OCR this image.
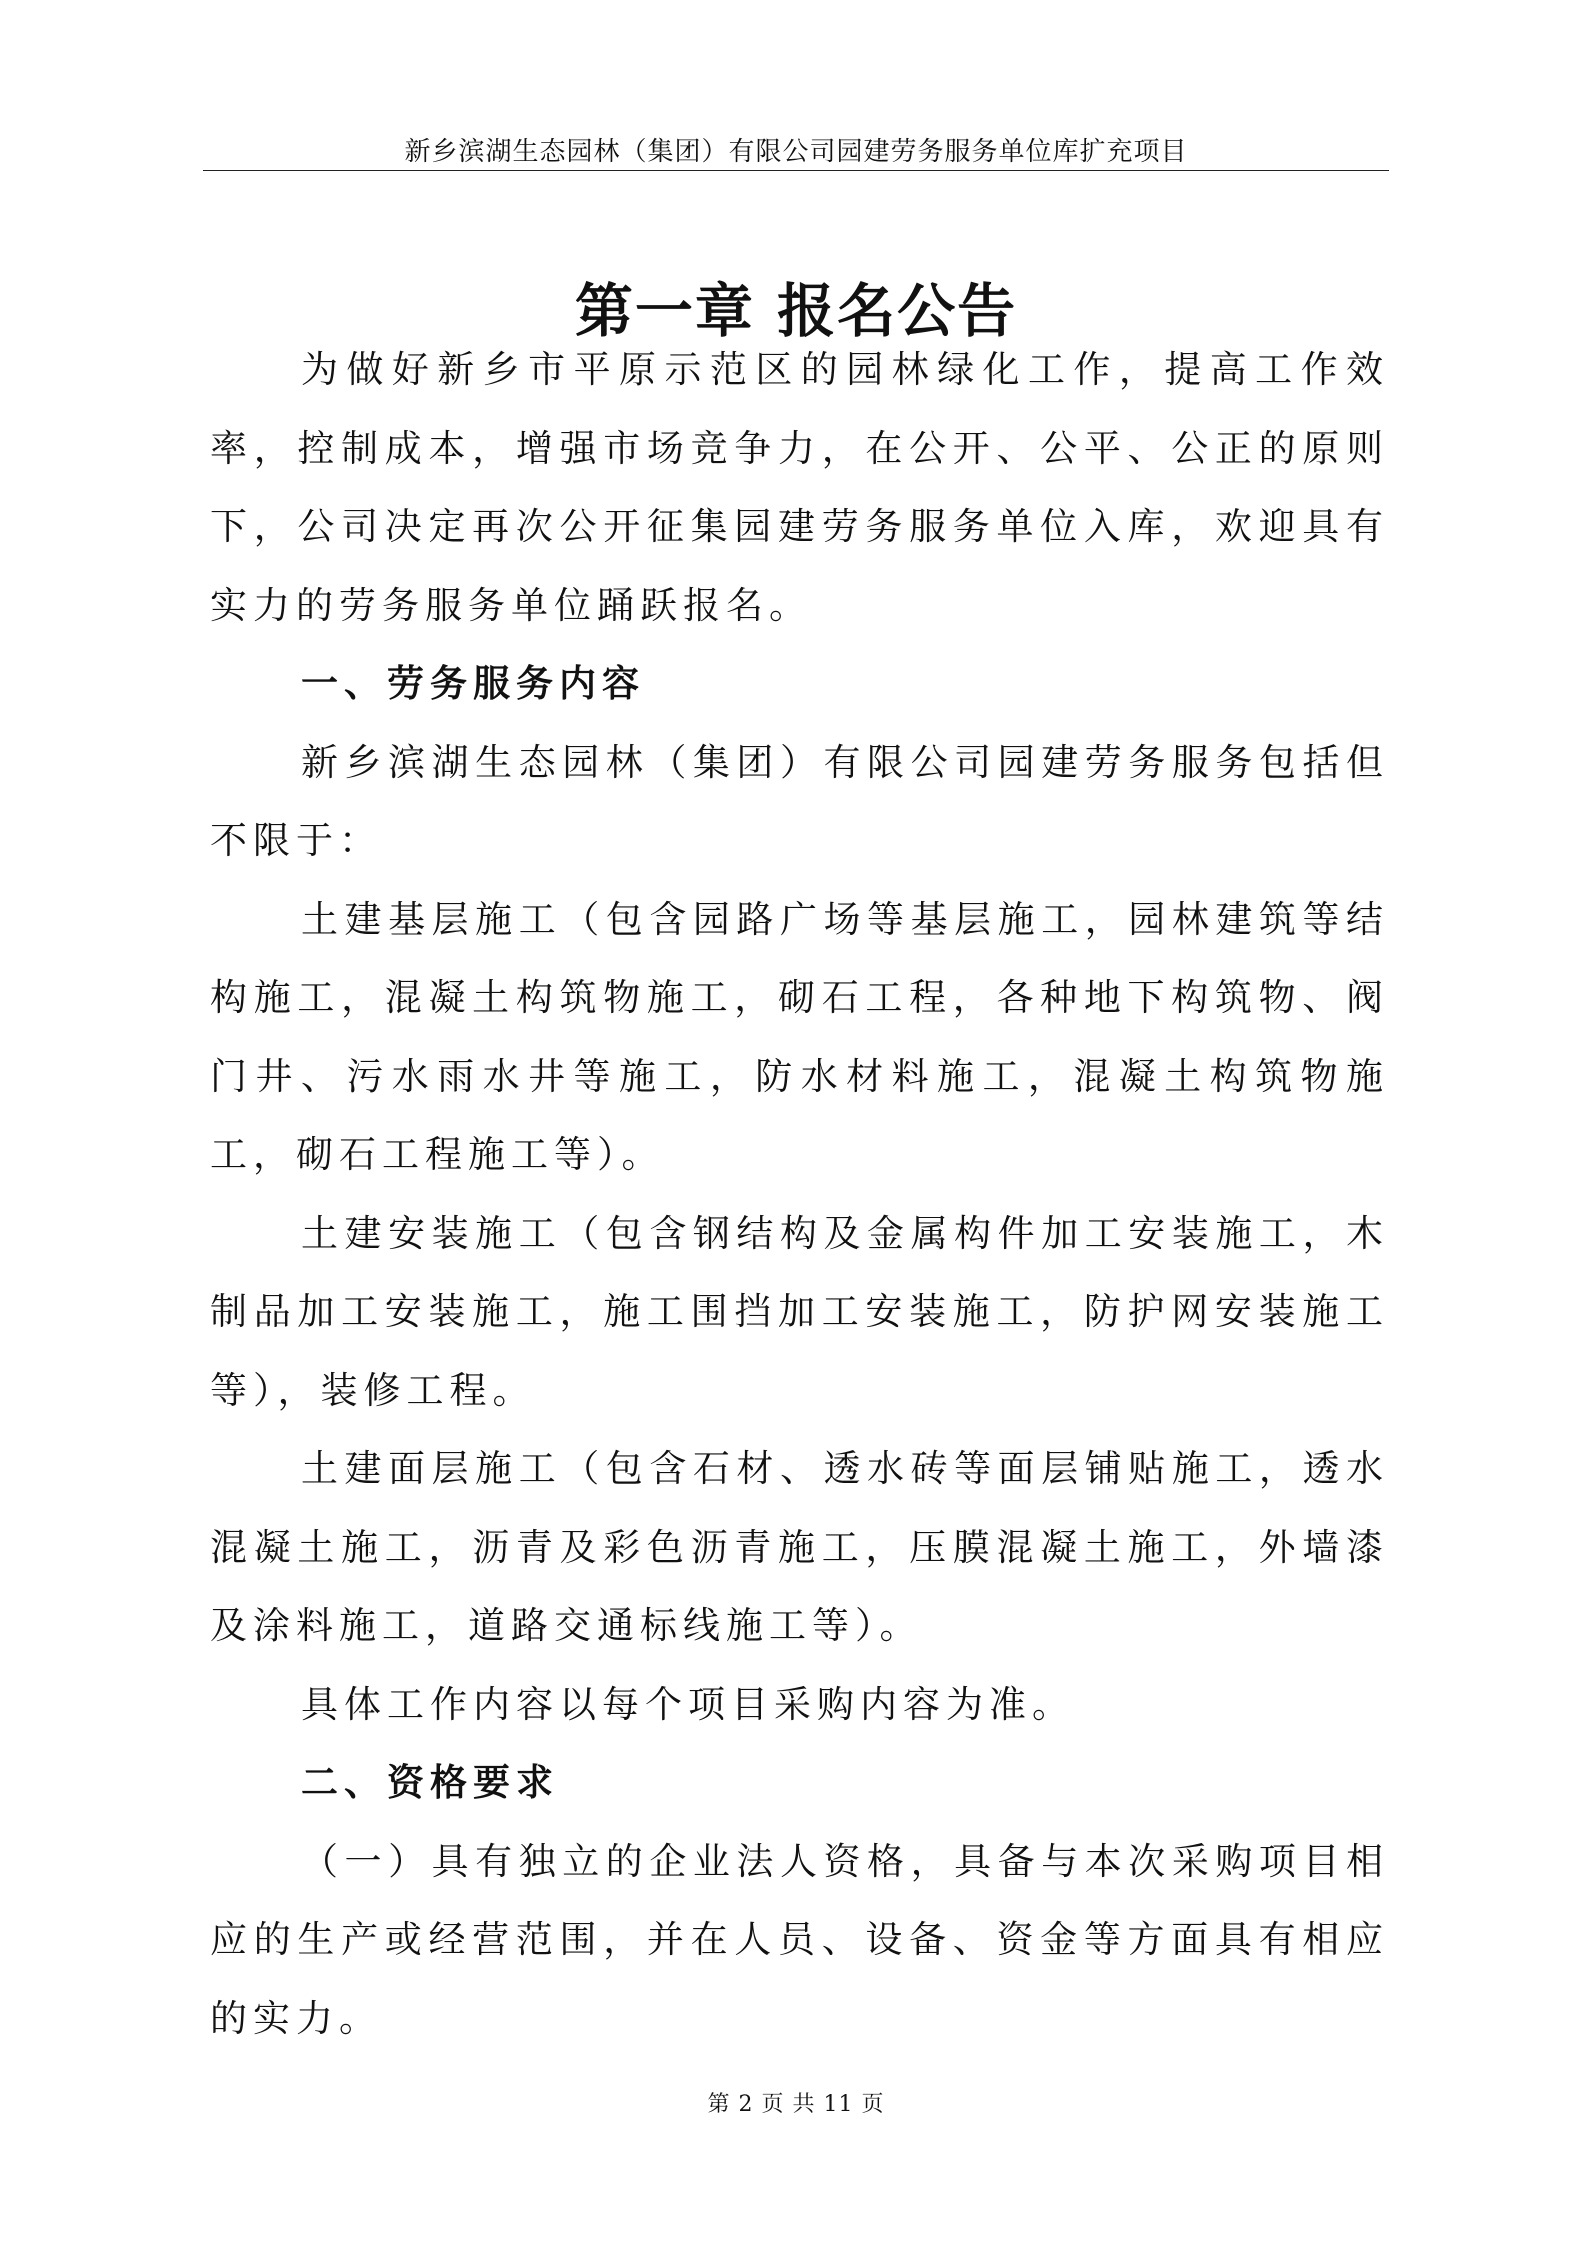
新乡滨湖生态园林（集团）有限公司园建劳务服务单位库扩充项目
第一章 报名公告

为做好新乡市平原示范区的园林绿化工作，提高工作效率，控制成本，增强市场竞争力，在公开、公平、公正的原则下，公司决定再次公开征集园建劳务服务单位入库，欢迎具有实力的劳务服务单位踊跃报名。

一、劳务服务内容

新乡滨湖生态园林（集团）有限公司园建劳务服务包括但不限于：

土建基层施工（包含园路广场等基层施工，园林建筑等结构施工，混凝土构筑物施工，砌石工程，各种地下构筑物、阀门井、污水雨水井等施工，防水材料施工，混凝土构筑物施工，砌石工程施工等）。

土建安装施工（包含钢结构及金属构件加工安装施工，木制品加工安装施工，施工围挡加工安装施工，防护网安装施工等），装修工程。

土建面层施工（包含石材、透水砖等面层铺贴施工，透水混凝土施工，沥青及彩色沥青施工，压膜混凝土施工，外墙漆及涂料施工，道路交通标线施工等）。

具体工作内容以每个项目采购内容为准。

二、资格要求

（一）具有独立的企业法人资格，具备与本次采购项目相应的生产或经营范围，并在人员、设备、资金等方面具有相应的实力。

第 2 页 共 11 页
